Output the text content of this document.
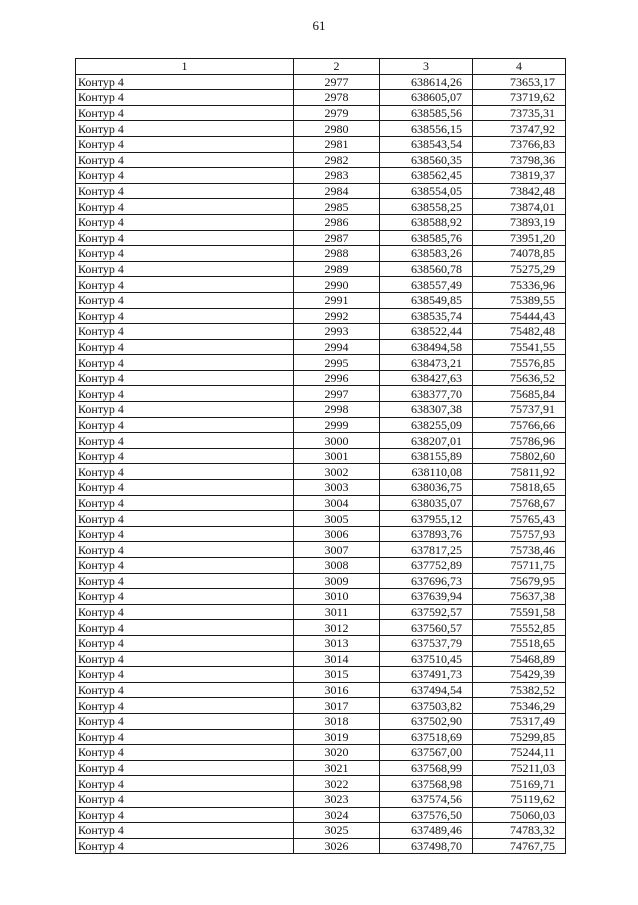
61
1	2	3	4
Контур 4	2977	638614,26	73653,17
Контур 4	2978	638605,07	73719,62
Контур 4	2979	638585,56	73735,31
Контур 4	2980	638556,15	73747,92
Контур 4	2981	638543,54	73766,83
Контур 4	2982	638560,35	73798,36
Контур 4	2983	638562,45	73819,37
Контур 4	2984	638554,05	73842,48
Контур 4	2985	638558,25	73874,01
Контур 4	2986	638588,92	73893,19
Контур 4	2987	638585,76	73951,20
Контур 4	2988	638583,26	74078,85
Контур 4	2989	638560,78	75275,29
Контур 4	2990	638557,49	75336,96
Контур 4	2991	638549,85	75389,55
Контур 4	2992	638535,74	75444,43
Контур 4	2993	638522,44	75482,48
Контур 4	2994	638494,58	75541,55
Контур 4	2995	638473,21	75576,85
Контур 4	2996	638427,63	75636,52
Контур 4	2997	638377,70	75685,84
Контур 4	2998	638307,38	75737,91
Контур 4	2999	638255,09	75766,66
Контур 4	3000	638207,01	75786,96
Контур 4	3001	638155,89	75802,60
Контур 4	3002	638110,08	75811,92
Контур 4	3003	638036,75	75818,65
Контур 4	3004	638035,07	75768,67
Контур 4	3005	637955,12	75765,43
Контур 4	3006	637893,76	75757,93
Контур 4	3007	637817,25	75738,46
Контур 4	3008	637752,89	75711,75
Контур 4	3009	637696,73	75679,95
Контур 4	3010	637639,94	75637,38
Контур 4	3011	637592,57	75591,58
Контур 4	3012	637560,57	75552,85
Контур 4	3013	637537,79	75518,65
Контур 4	3014	637510,45	75468,89
Контур 4	3015	637491,73	75429,39
Контур 4	3016	637494,54	75382,52
Контур 4	3017	637503,82	75346,29
Контур 4	3018	637502,90	75317,49
Контур 4	3019	637518,69	75299,85
Контур 4	3020	637567,00	75244,11
Контур 4	3021	637568,99	75211,03
Контур 4	3022	637568,98	75169,71
Контур 4	3023	637574,56	75119,62
Контур 4	3024	637576,50	75060,03
Контур 4	3025	637489,46	74783,32
Контур 4	3026	637498,70	74767,75
